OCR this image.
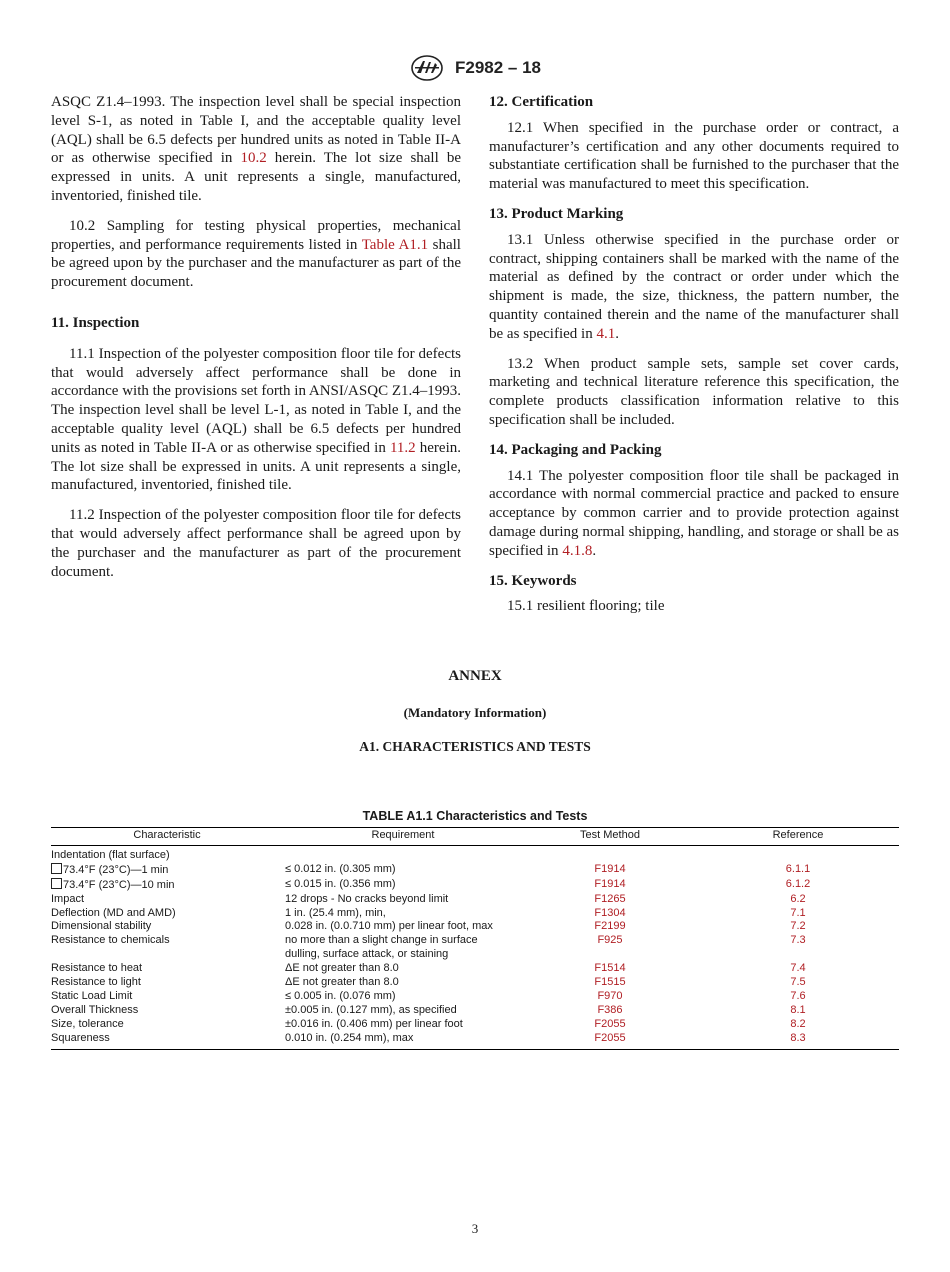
F2982 – 18

ASQC Z1.4–1993. The inspection level shall be special inspection level S-1, as noted in Table I, and the acceptable quality level (AQL) shall be 6.5 defects per hundred units as noted in Table II-A or as otherwise specified in 10.2 herein. The lot size shall be expressed in units. A unit represents a single, manufactured, inventoried, finished tile.

10.2 Sampling for testing physical properties, mechanical properties, and performance requirements listed in Table A1.1 shall be agreed upon by the purchaser and the manufacturer as part of the procurement document.

11. Inspection

11.1 Inspection of the polyester composition floor tile for defects that would adversely affect performance shall be done in accordance with the provisions set forth in ANSI/ASQC Z1.4–1993. The inspection level shall be level L-1, as noted in Table I, and the acceptable quality level (AQL) shall be 6.5 defects per hundred units as noted in Table II-A or as otherwise specified in 11.2 herein. The lot size shall be expressed in units. A unit represents a single, manufactured, inventoried, finished tile.

11.2 Inspection of the polyester composition floor tile for defects that would adversely affect performance shall be agreed upon by the purchaser and the manufacturer as part of the procurement document.

12. Certification

12.1 When specified in the purchase order or contract, a manufacturer’s certification and any other documents required to substantiate certification shall be furnished to the purchaser that the material was manufactured to meet this specification.

13. Product Marking

13.1 Unless otherwise specified in the purchase order or contract, shipping containers shall be marked with the name of the material as defined by the contract or order under which the shipment is made, the size, thickness, the pattern number, the quantity contained therein and the name of the manufacturer shall be as specified in 4.1.

13.2 When product sample sets, sample set cover cards, marketing and technical literature reference this specification, the complete products classification information relative to this specification shall be included.

14. Packaging and Packing

14.1 The polyester composition floor tile shall be packaged in accordance with normal commercial practice and packed to ensure acceptance by common carrier and to provide protection against damage during normal shipping, handling, and storage or shall be as specified in 4.1.8.

15. Keywords

15.1 resilient flooring; tile

ANNEX
(Mandatory Information)
A1. CHARACTERISTICS AND TESTS
TABLE A1.1 Characteristics and Tests
Characteristic	Requirement	Test Method	Reference
Indentation (flat surface)			
73.4°F (23°C)—1 min	≤ 0.012 in. (0.305 mm)	F1914	6.1.1
73.4°F (23°C)—10 min	≤ 0.015 in. (0.356 mm)	F1914	6.1.2
Impact	12 drops - No cracks beyond limit	F1265	6.2
Deflection (MD and AMD)	1 in. (25.4 mm), min,	F1304	7.1
Dimensional stability	0.028 in. (0.0.710 mm) per linear foot, max	F2199	7.2
Resistance to chemicals	no more than a slight change in surface	F925	7.3
	dulling, surface attack, or staining		
Resistance to heat	ΔE not greater than 8.0	F1514	7.4
Resistance to light	ΔE not greater than 8.0	F1515	7.5
Static Load Limit	≤ 0.005 in. (0.076 mm)	F970	7.6
Overall Thickness	±0.005 in. (0.127 mm), as specified	F386	8.1
Size, tolerance	±0.016 in. (0.406 mm) per linear foot	F2055	8.2
Squareness	0.010 in. (0.254 mm), max	F2055	8.3
3
